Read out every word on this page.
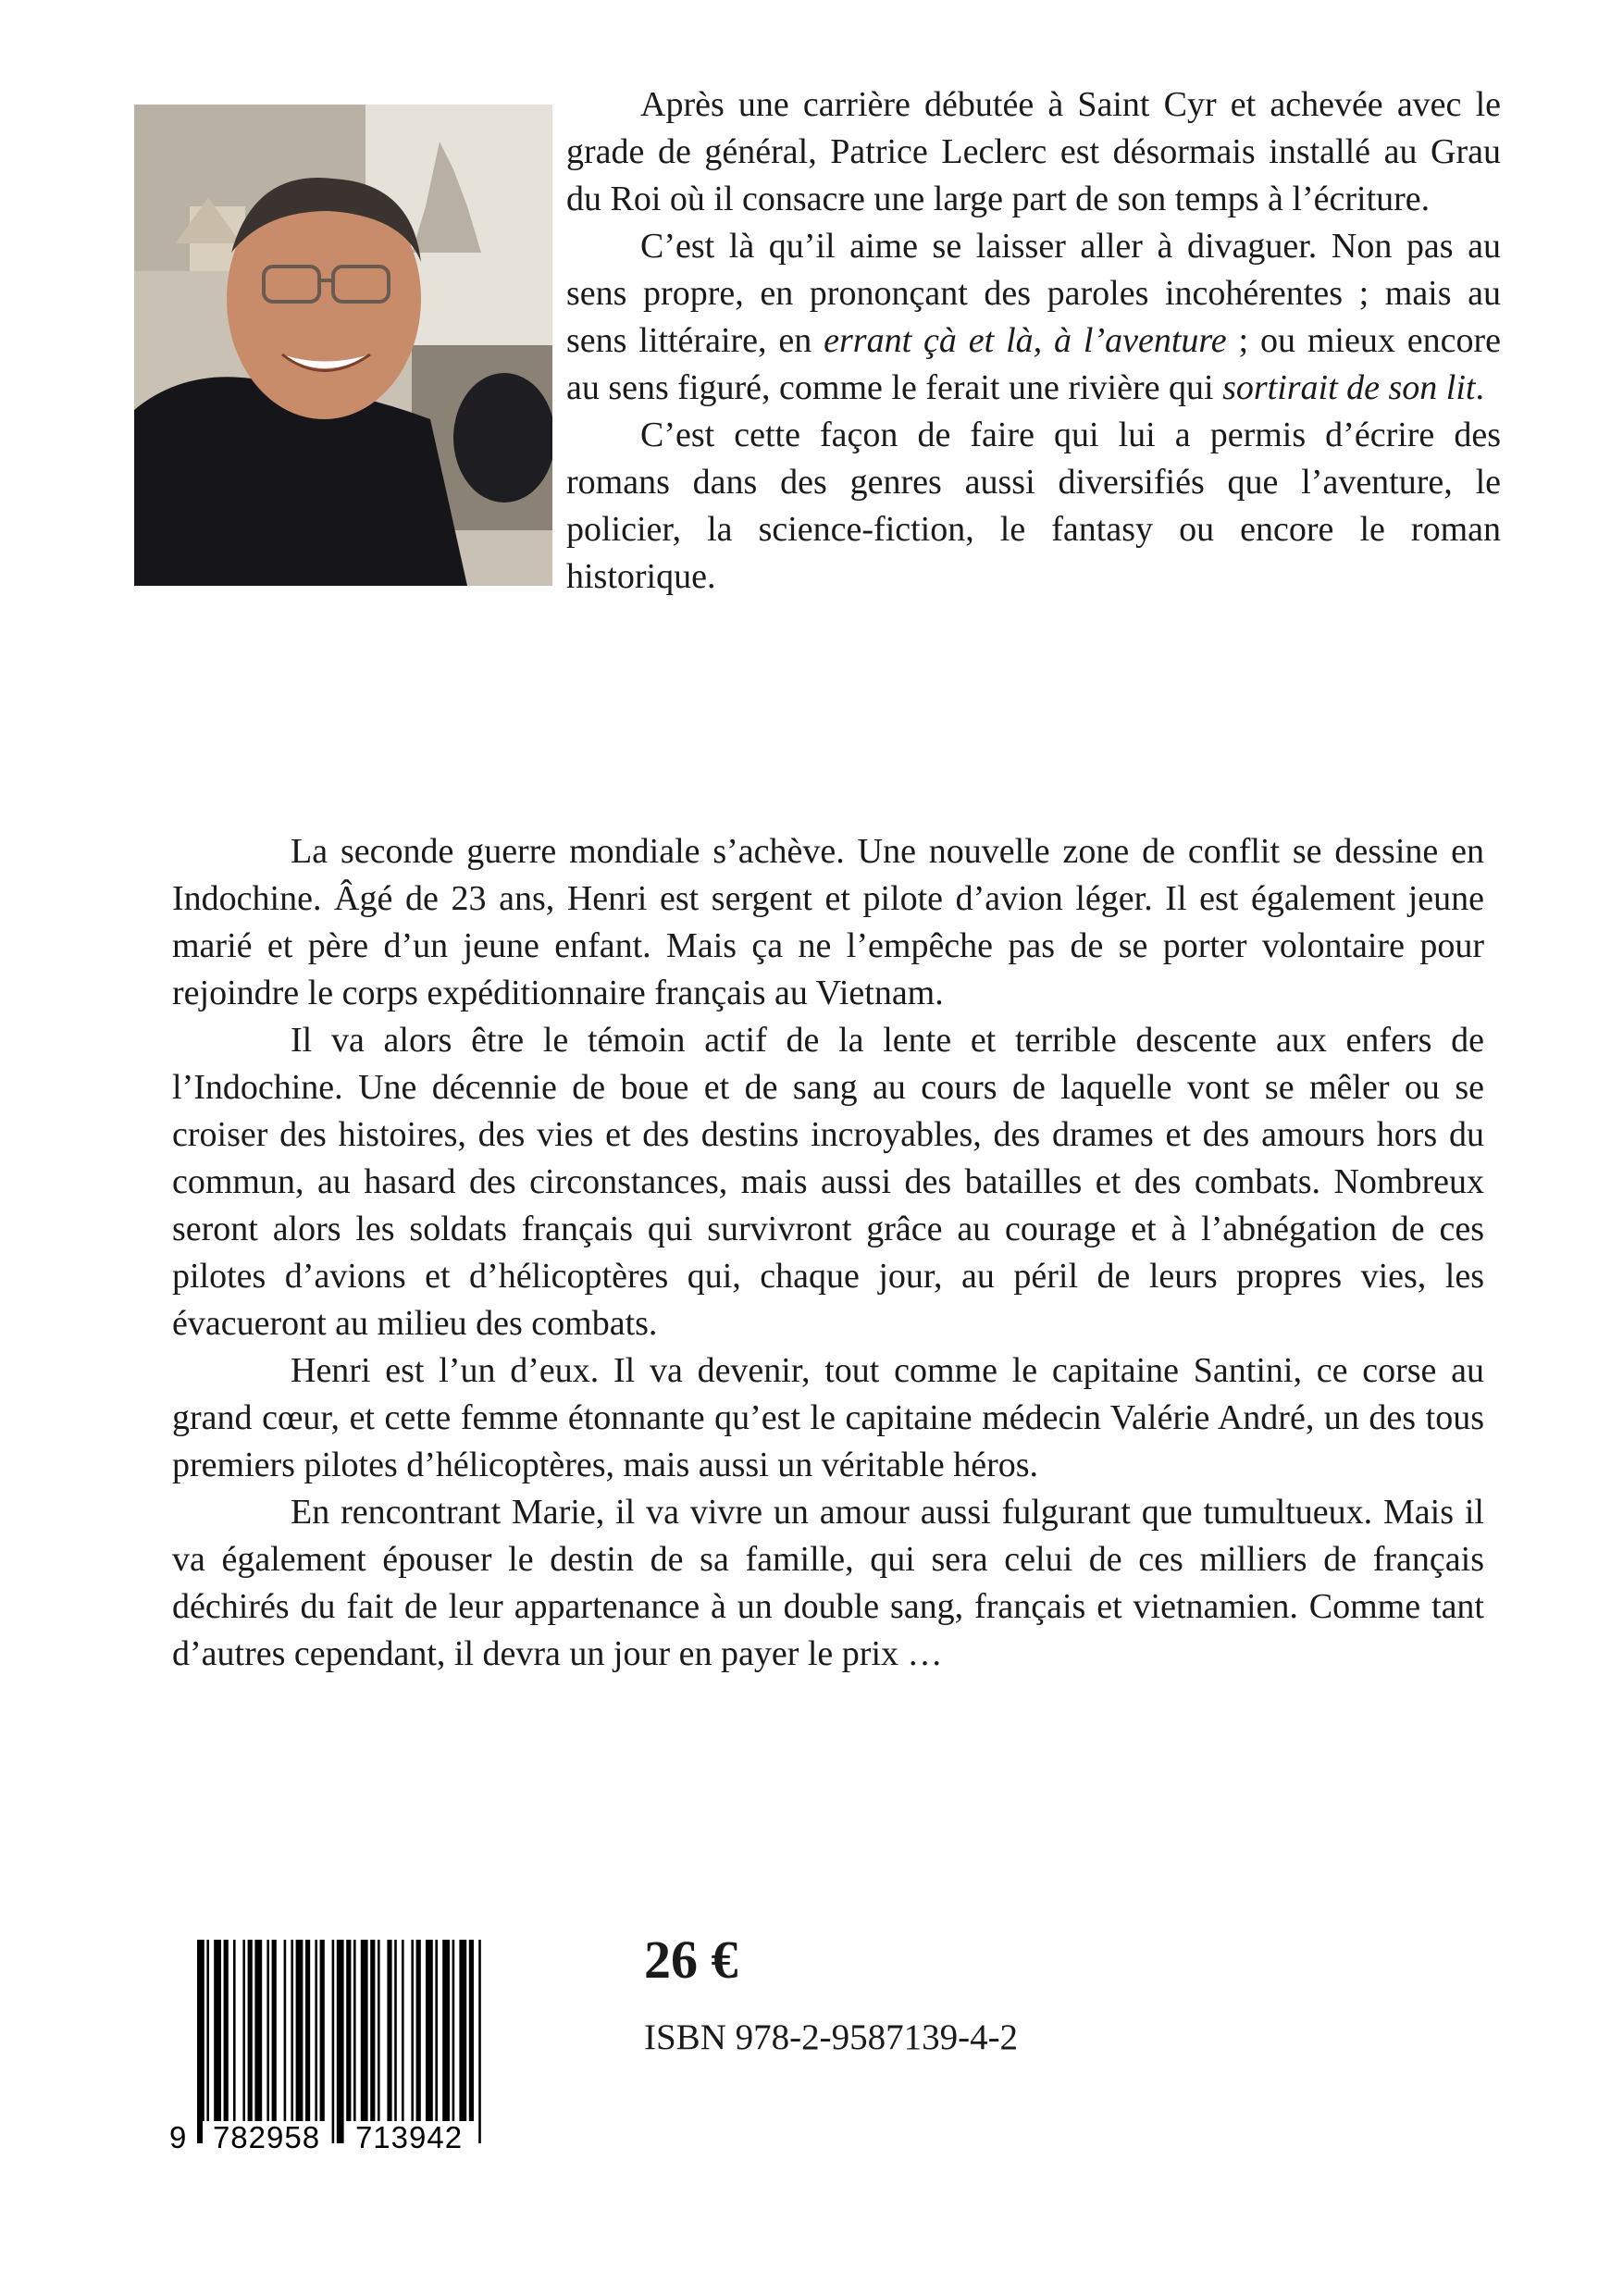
Après une carrière débutée à Saint Cyr et achevée avec le grade de général, Patrice Leclerc est désormais installé au Grau du Roi où il consacre une large part de son temps à l’écriture.

C’est là qu’il aime se laisser aller à divaguer. Non pas au sens propre, en prononçant des paroles incohérentes ; mais au sens littéraire, en errant çà et là, à l’aventure ; ou mieux encore au sens figuré, comme le ferait une rivière qui sortirait de son lit.

C’est cette façon de faire qui lui a permis d’écrire des romans dans des genres aussi diversifiés que l’aventure, le policier, la science-fiction, le fantasy ou encore le roman historique.

La seconde guerre mondiale s’achève. Une nouvelle zone de conflit se dessine en Indochine. Âgé de 23 ans, Henri est sergent et pilote d’avion léger. Il est également jeune marié et père d’un jeune enfant. Mais ça ne l’empêche pas de se porter volontaire pour rejoindre le corps expéditionnaire français au Vietnam.

Il va alors être le témoin actif de la lente et terrible descente aux enfers de l’Indochine. Une décennie de boue et de sang au cours de laquelle vont se mêler ou se croiser des histoires, des vies et des destins incroyables, des drames et des amours hors du commun, au hasard des circonstances, mais aussi des batailles et des combats. Nombreux seront alors les soldats français qui survivront grâce au courage et à l’abnégation de ces pilotes d’avions et d’hélicoptères qui, chaque jour, au péril de leurs propres vies, les évacueront au milieu des combats.

Henri est l’un d’eux. Il va devenir, tout comme le capitaine Santini, ce corse au grand cœur, et cette femme étonnante qu’est le capitaine médecin Valérie André, un des tous premiers pilotes d’hélicoptères, mais aussi un véritable héros.

En rencontrant Marie, il va vivre un amour aussi fulgurant que tumultueux. Mais il va également épouser le destin de sa famille, qui sera celui de ces milliers de français déchirés du fait de leur appartenance à un double sang, français et vietnamien. Comme tant d’autres cependant, il devra un jour en payer le prix …

9 782958	713942
26 €
ISBN 978-2-9587139-4-2
